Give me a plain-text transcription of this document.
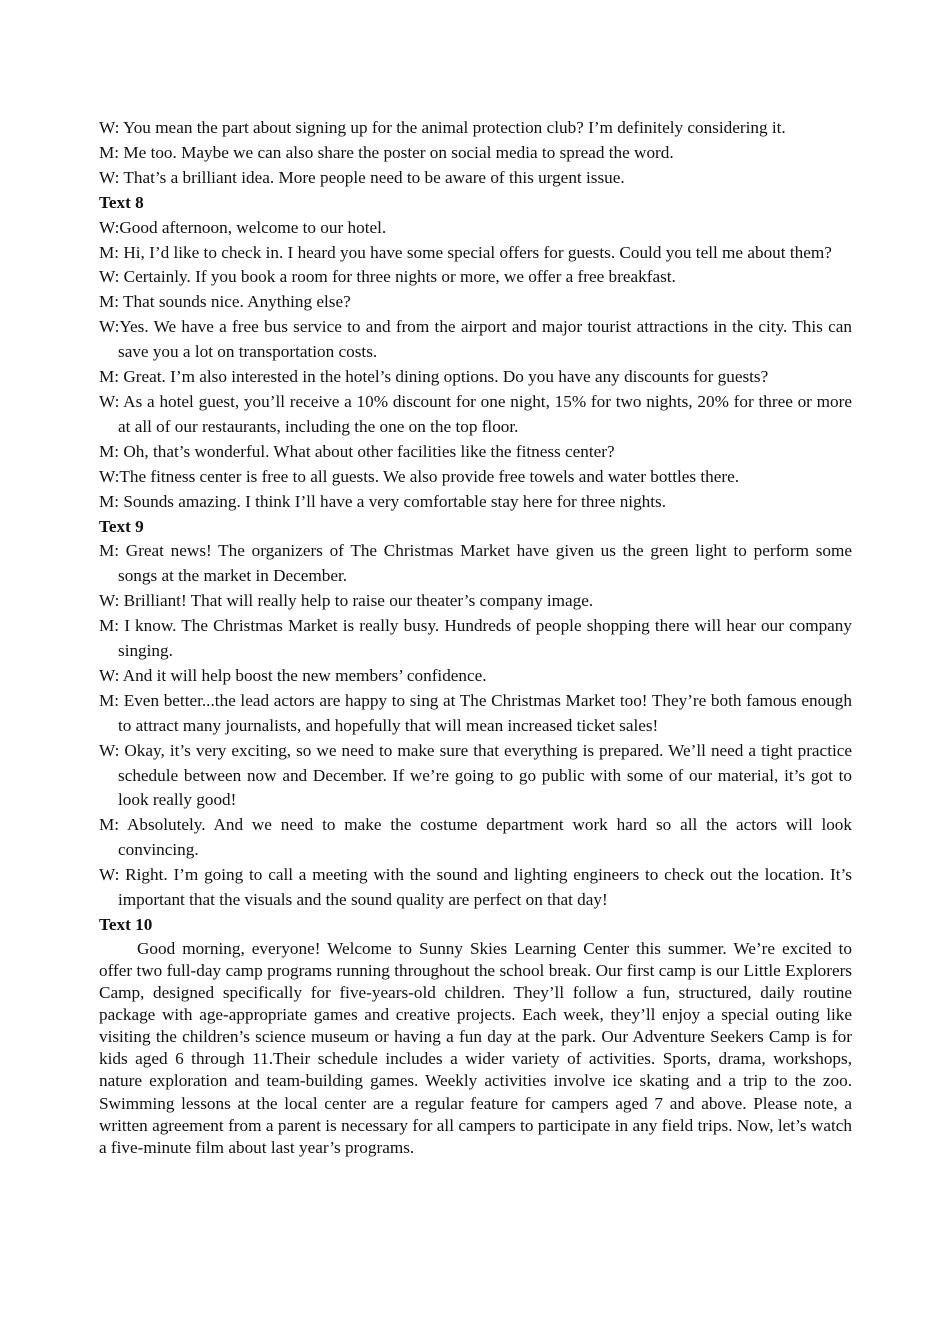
W: You mean the part about signing up for the animal protection club? I’m definitely considering it.

M: Me too. Maybe we can also share the poster on social media to spread the word.

W: That’s a brilliant idea. More people need to be aware of this urgent issue.

Text 8

W:Good afternoon, welcome to our hotel.

M: Hi, I’d like to check in. I heard you have some special offers for guests. Could you tell me about them?

W: Certainly. If you book a room for three nights or more, we offer a free breakfast.

M: That sounds nice. Anything else?

W:Yes. We have a free bus service to and from the airport and major tourist attractions in the city. This can save you a lot on transportation costs.

M: Great. I’m also interested in the hotel’s dining options. Do you have any discounts for guests?

W: As a hotel guest, you’ll receive a 10% discount for one night, 15% for two nights, 20% for three or more at all of our restaurants, including the one on the top floor.

M: Oh, that’s wonderful. What about other facilities like the fitness center?

W:The fitness center is free to all guests. We also provide free towels and water bottles there.

M: Sounds amazing. I think I’ll have a very comfortable stay here for three nights.

Text 9

M: Great news! The organizers of The Christmas Market have given us the green light to perform some songs at the market in December.

W: Brilliant! That will really help to raise our theater’s company image.

M: I know. The Christmas Market is really busy. Hundreds of people shopping there will hear our company singing.

W: And it will help boost the new members’ confidence.

M: Even better...the lead actors are happy to sing at The Christmas Market too! They’re both famous enough to attract many journalists, and hopefully that will mean increased ticket sales!

W: Okay, it’s very exciting, so we need to make sure that everything is prepared. We’ll need a tight practice schedule between now and December. If we’re going to go public with some of our material, it’s got to look really good!

M: Absolutely. And we need to make the costume department work hard so all the actors will look convincing.

W: Right. I’m going to call a meeting with the sound and lighting engineers to check out the location. It’s important that the visuals and the sound quality are perfect on that day!

Text 10

Good morning, everyone! Welcome to Sunny Skies Learning Center this summer. We’re excited to offer two full-day camp programs running throughout the school break. Our first camp is our Little Explorers Camp, designed specifically for five-years-old children. They’ll follow a fun, structured, daily routine package with age-appropriate games and creative projects. Each week, they’ll enjoy a special outing like visiting the children’s science museum or having a fun day at the park. Our Adventure Seekers Camp is for kids aged 6 through 11.Their schedule includes a wider variety of activities. Sports, drama, workshops, nature exploration and team-building games. Weekly activities involve ice skating and a trip to the zoo. Swimming lessons at the local center are a regular feature for campers aged 7 and above. Please note, a written agreement from a parent is necessary for all campers to participate in any field trips. Now, let’s watch a five-minute film about last year’s programs.
